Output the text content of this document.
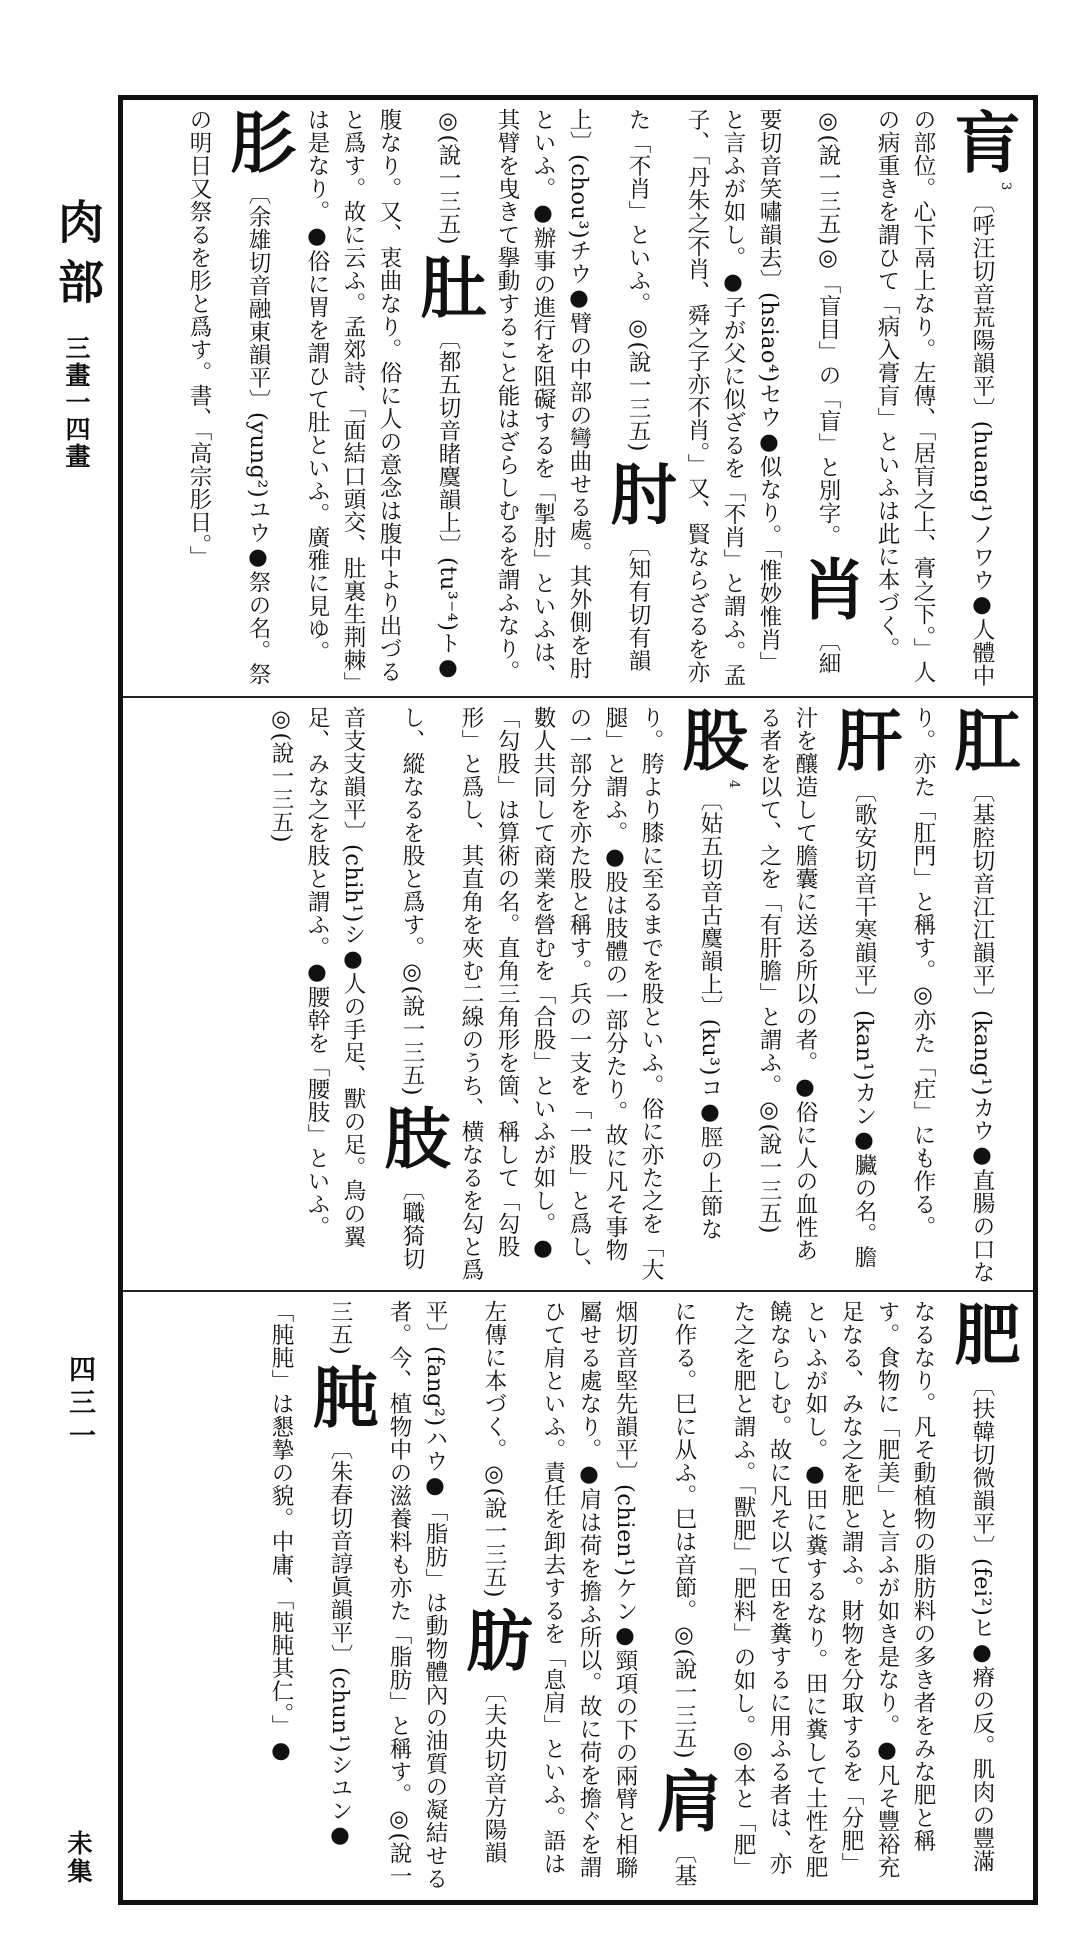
肉部
三畫一四畫
四三一
未集
肓$^3$〔呼汪切音荒陽韻平〕(huang¹)ノワウ●人體中の部位。心下鬲上なり。左傳、「居肓之上、膏之下。」人の病重きを謂ひて「病入膏肓」といふは此に本づく。◎(說一三五)◎「盲目」の「盲」と別字。 肖〔細要切音笑嘯韻去〕(hsiao⁴)セウ●似なり。「惟妙惟肖」と言ふが如し。●子が父に似ざるを「不肖」と謂ふ。孟子、「丹朱之不肖、舜之子亦不肖。」又、賢ならざるを亦た「不肖」といふ。◎(說一三五) 肘〔知有切有韻上〕(chou³)チウ●臂の中部の彎曲せる處。其外側を肘といふ。●辦事の進行を阻礙するを「掣肘」といふは、其臂を曳きて擧動すること能はざらしむるを謂ふなり。◎(說一三五) 肚〔都五切音睹麌韻上〕(tu³⁻⁴)ト●腹なり。又、衷曲なり。俗に人の意念は腹中より出づると爲す。故に云ふ。孟郊詩、「面結口頭交、肚裏生荆棘」は是なり。●俗に胃を謂ひて肚といふ。廣雅に見ゆ。 肜〔余雄切音融東韻平〕(yung²)ユウ●祭の名。祭の明日又祭るを肜と爲す。書、「高宗肜日。」
肛〔基腔切音江江韻平〕(kang¹)カウ●直腸の口なり。亦た「肛門」と稱す。◎亦た「疘」にも作る。 肝〔歌安切音干寒韻平〕(kan¹)カン●臟の名。膽汁を釀造して膽囊に送る所以の者。●俗に人の血性ある者を以て、之を「有肝膽」と謂ふ。◎(說一三五) 股$^4$〔姑五切音古麌韻上〕(ku³)コ●脛の上節なり。胯より膝に至るまでを股といふ。俗に亦た之を「大腿」と謂ふ。●股は肢體の一部分たり。故に凡そ事物の一部分を亦た股と稱す。兵の一支を「一股」と爲し、數人共同して商業を營むを「合股」といふが如し。●「勾股」は算術の名。直角三角形を箇、稱して「勾股形」と爲し、其直角を夾む二線のうち、横なるを勾と爲し、縱なるを股と爲す。◎(說一三五) 肢〔職猗切音支支韻平〕(chih¹)シ●人の手足、獸の足。鳥の翼足、みな之を肢と謂ふ。●腰幹を「腰肢」といふ。◎(說一三五)
肥〔扶韓切微韻平〕(fei²)ヒ●瘠の反。肌肉の豐滿なるなり。凡そ動植物の脂肪料の多き者をみな肥と稱す。食物に「肥美」と言ふが如き是なり。●凡そ豐裕充足なる、みな之を肥と謂ふ。財物を分取するを「分肥」といふが如し。●田に糞するなり。田に糞して土性を肥饒ならしむ。故に凡そ以て田を糞するに用ふる者は、亦た之を肥と謂ふ。「獸肥」「肥料」の如し。◎本と「肥」に作る。巳に从ふ。巳は音節。◎(說一三五) 肩〔基烟切音堅先韻平〕(chien¹)ケン●頸項の下の兩臂と相聯屬せる處なり。●肩は荷を擔ふ所以。故に荷を擔ぐを謂ひて肩といふ。責任を卸去するを「息肩」といふ。語は左傳に本づく。◎(說一三五) 肪〔夫央切音方陽韻平〕(fang²)ハウ●「脂肪」は動物體內の油質の凝結せる者。今、植物中の滋養料も亦た「脂肪」と稱す。◎(說一三五) 肫〔朱春切音諄眞韻平〕(chun¹)シユン●「肫肫」は懇摯の貌。中庸、「肫肫其仁。」●
